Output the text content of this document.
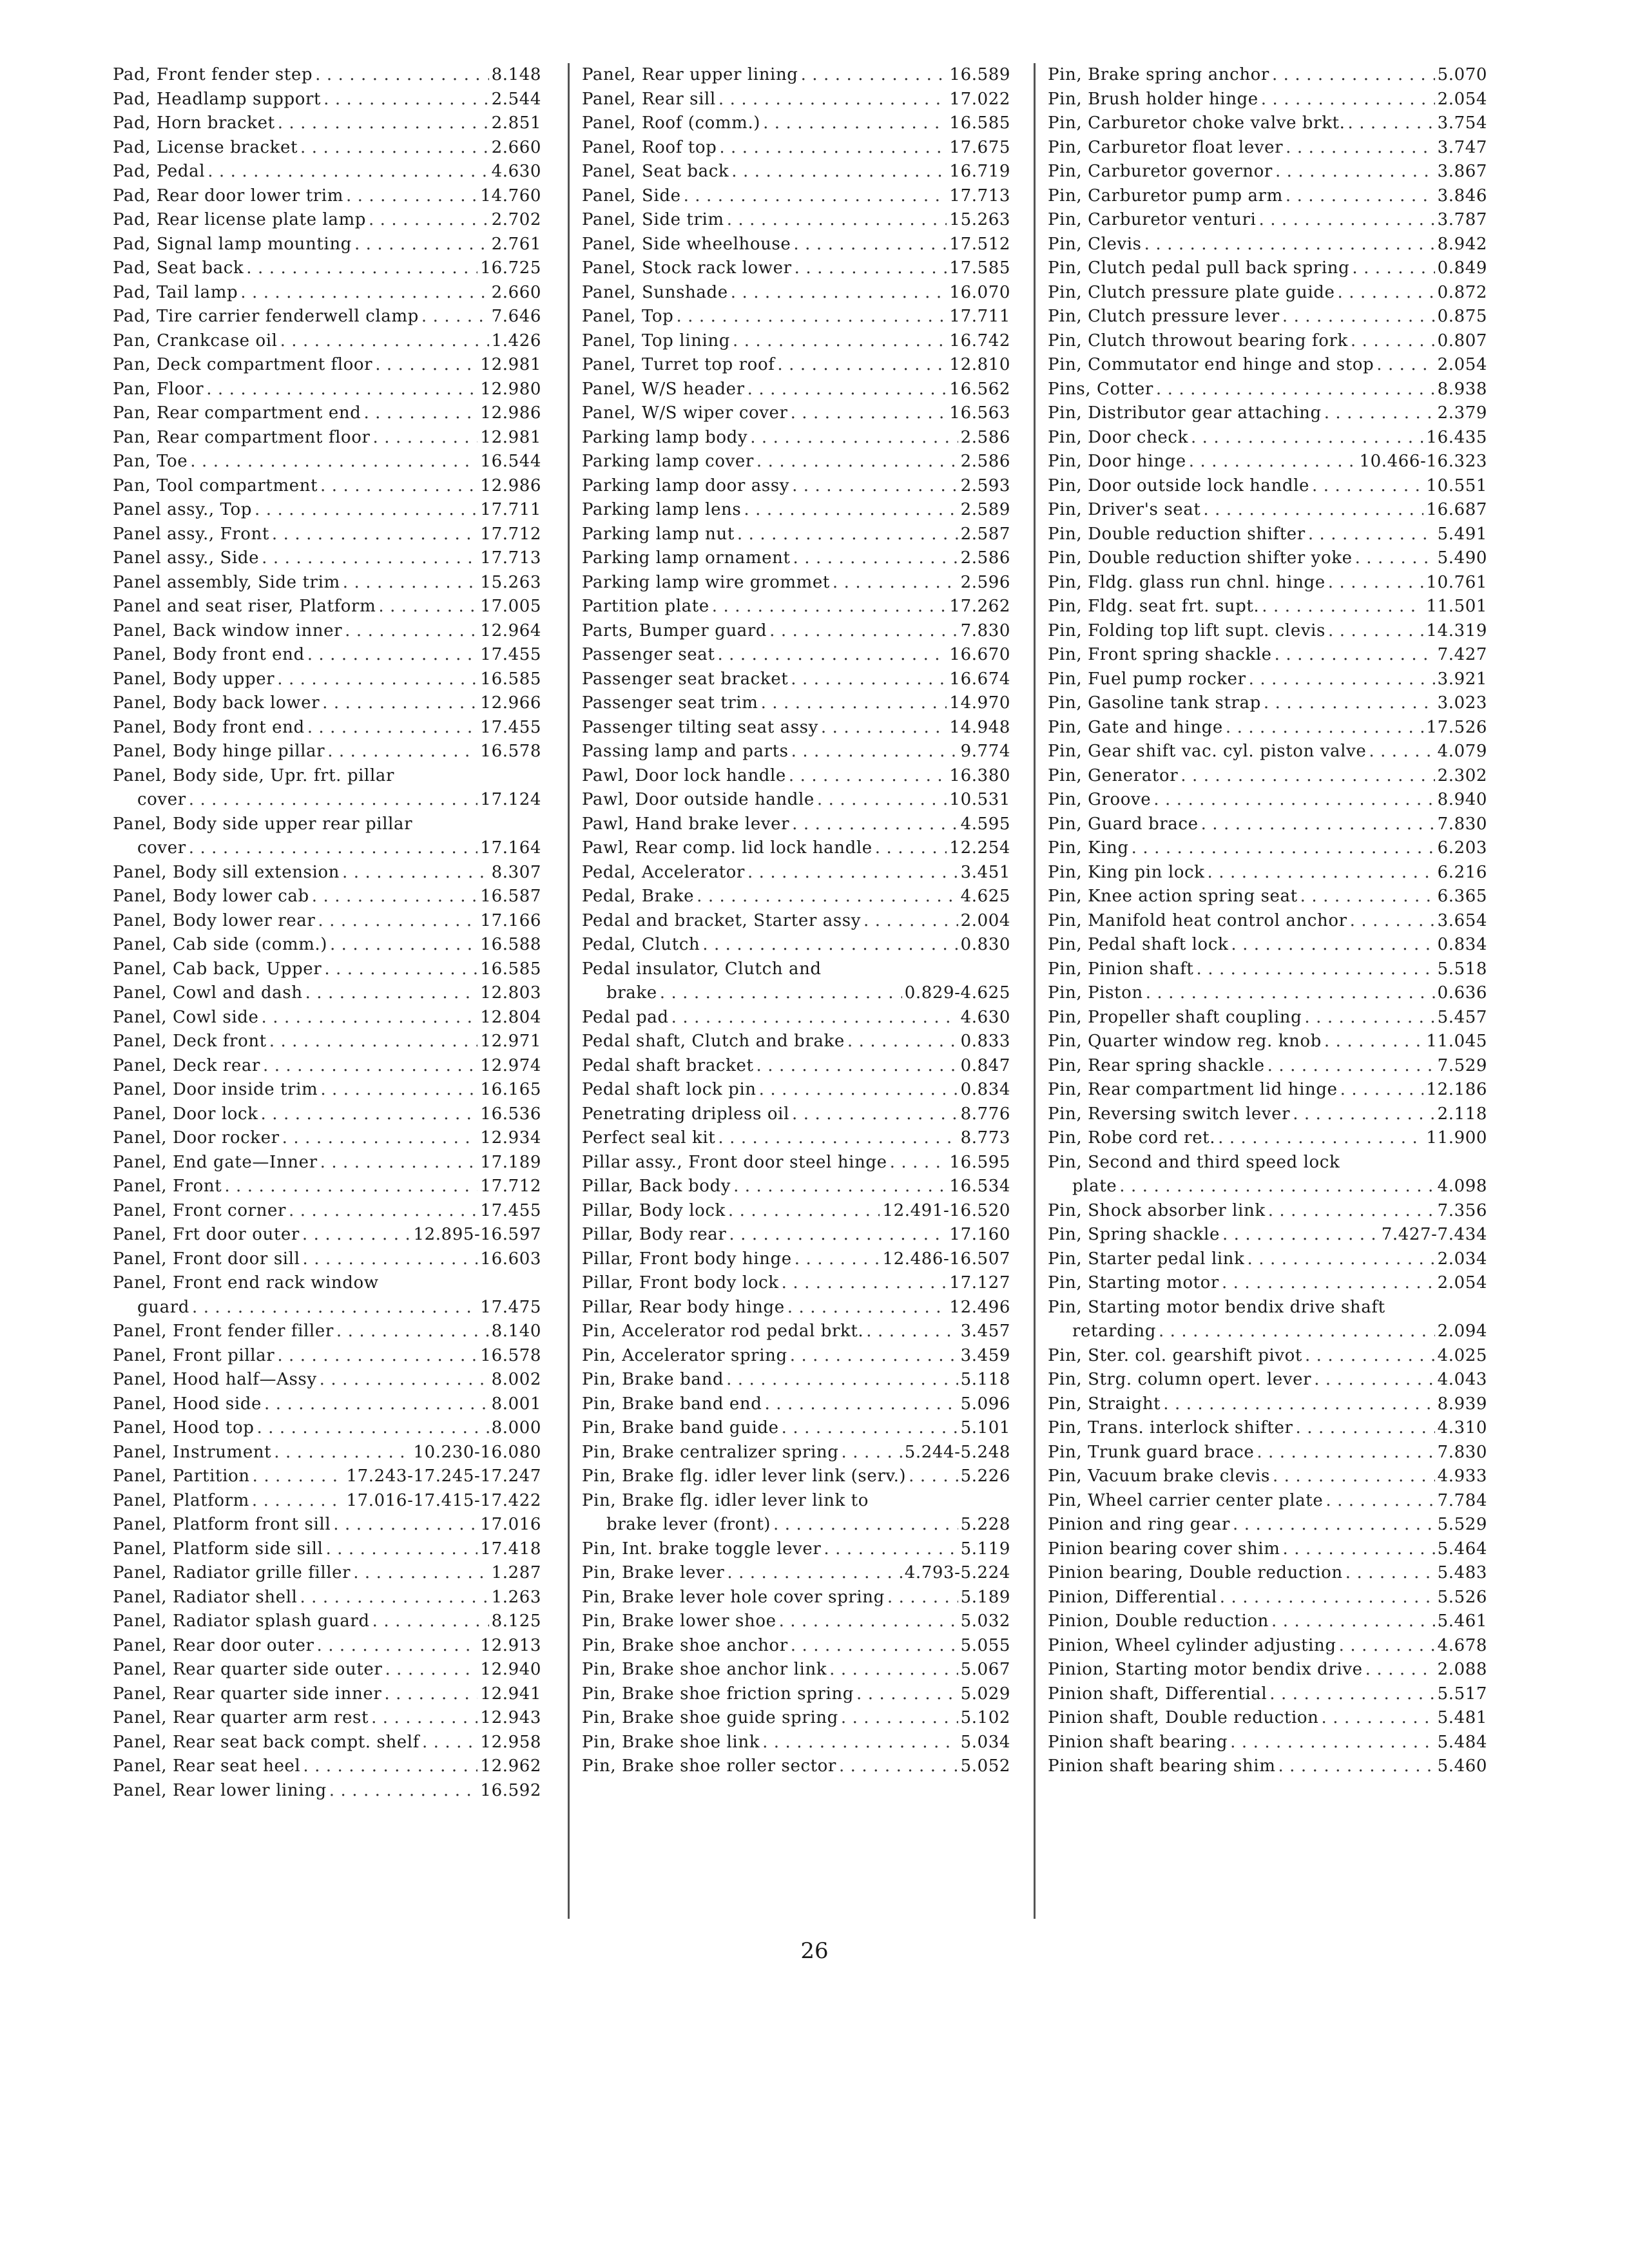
Pad, Front fender step . . .	8.148
Pad, Headlamp support . . .	2.544
Pad, Horn bracket . . .	2.851
Pad, License bracket . . .	2.660
Pad, Pedal . . .	4.630
Pad, Rear door lower trim . . .	14.760
Pad, Rear license plate lamp . . .	2.702
Pad, Signal lamp mounting . . .	2.761
Pad, Seat back . . .	16.725
Pad, Tail lamp . . .	2.660
Pad, Tire carrier fenderwell clamp . . .	7.646
Pan, Crankcase oil . . .	1.426
Pan, Deck compartment floor . . .	12.981
Pan, Floor . . .	12.980
Pan, Rear compartment end . . .	12.986
Pan, Rear compartment floor . . .	12.981
Pan, Toe . . .	16.544
Pan, Tool compartment . . .	12.986
Panel assy., Top . . .	17.711
Panel assy., Front . . .	17.712
Panel assy., Side . . .	17.713
Panel assembly, Side trim . . .	15.263
Panel and seat riser, Platform . . .	17.005
Panel, Back window inner . . .	12.964
Panel, Body front end . . .	17.455
Panel, Body upper . . .	16.585
Panel, Body back lower . . .	12.966
Panel, Body front end . . .	17.455
Panel, Body hinge pillar . . .	16.578
Panel, Body side, Upr. frt. pillar
cover . . .	17.124
Panel, Body side upper rear pillar
cover . . .	17.164
Panel, Body sill extension . . .	8.307
Panel, Body lower cab . . .	16.587
Panel, Body lower rear . . .	17.166
Panel, Cab side (comm.) . . .	16.588
Panel, Cab back, Upper . . .	16.585
Panel, Cowl and dash . . .	12.803
Panel, Cowl side . . .	12.804
Panel, Deck front . . .	12.971
Panel, Deck rear . . .	12.974
Panel, Door inside trim . . .	16.165
Panel, Door lock . . .	16.536
Panel, Door rocker . . .	12.934
Panel, End gate—Inner . . .	17.189
Panel, Front . . .	17.712
Panel, Front corner . . .	17.455
Panel, Frt door outer . . .	12.895-16.597
Panel, Front door sill . . .	16.603
Panel, Front end rack window
guard . . .	17.475
Panel, Front fender filler . . .	8.140
Panel, Front pillar . . .	16.578
Panel, Hood half—Assy . . .	8.002
Panel, Hood side . . .	8.001
Panel, Hood top . . .	8.000
Panel, Instrument . . .	10.230-16.080
Panel, Partition . . .	17.243-17.245-17.247
Panel, Platform . . .	17.016-17.415-17.422
Panel, Platform front sill . . .	17.016
Panel, Platform side sill . . .	17.418
Panel, Radiator grille filler . . .	1.287
Panel, Radiator shell . . .	1.263
Panel, Radiator splash guard . . .	8.125
Panel, Rear door outer . . .	12.913
Panel, Rear quarter side outer . . .	12.940
Panel, Rear quarter side inner . . .	12.941
Panel, Rear quarter arm rest . . .	12.943
Panel, Rear seat back compt. shelf . . .	12.958
Panel, Rear seat heel . . .	12.962
Panel, Rear lower lining . . .	16.592
Panel, Rear upper lining . . .	16.589
Panel, Rear sill . . .	17.022
Panel, Roof (comm.) . . .	16.585
Panel, Roof top . . .	17.675
Panel, Seat back . . .	16.719
Panel, Side . . .	17.713
Panel, Side trim . . .	15.263
Panel, Side wheelhouse . . .	17.512
Panel, Stock rack lower . . .	17.585
Panel, Sunshade . . .	16.070
Panel, Top . . .	17.711
Panel, Top lining . . .	16.742
Panel, Turret top roof . . .	12.810
Panel, W/S header . . .	16.562
Panel, W/S wiper cover . . .	16.563
Parking lamp body . . .	2.586
Parking lamp cover . . .	2.586
Parking lamp door assy . . .	2.593
Parking lamp lens . . .	2.589
Parking lamp nut . . .	2.587
Parking lamp ornament . . .	2.586
Parking lamp wire grommet . . .	2.596
Partition plate . . .	17.262
Parts, Bumper guard . . .	7.830
Passenger seat . . .	16.670
Passenger seat bracket . . .	16.674
Passenger seat trim . . .	14.970
Passenger tilting seat assy . . .	14.948
Passing lamp and parts . . .	9.774
Pawl, Door lock handle . . .	16.380
Pawl, Door outside handle . . .	10.531
Pawl, Hand brake lever . . .	4.595
Pawl, Rear comp. lid lock handle . . .	12.254
Pedal, Accelerator . . .	3.451
Pedal, Brake . . .	4.625
Pedal and bracket, Starter assy . . .	2.004
Pedal, Clutch . . .	0.830
Pedal insulator, Clutch and
brake . . .	0.829-4.625
Pedal pad . . .	4.630
Pedal shaft, Clutch and brake . . .	0.833
Pedal shaft bracket . . .	0.847
Pedal shaft lock pin . . .	0.834
Penetrating dripless oil . . .	8.776
Perfect seal kit . . .	8.773
Pillar assy., Front door steel hinge . . .	16.595
Pillar, Back body . . .	16.534
Pillar, Body lock . . .	12.491-16.520
Pillar, Body rear . . .	17.160
Pillar, Front body hinge . . .	12.486-16.507
Pillar, Front body lock . . .	17.127
Pillar, Rear body hinge . . .	12.496
Pin, Accelerator rod pedal brkt. . . .	3.457
Pin, Accelerator spring . . .	3.459
Pin, Brake band . . .	5.118
Pin, Brake band end . . .	5.096
Pin, Brake band guide . . .	5.101
Pin, Brake centralizer spring . . .	5.244-5.248
Pin, Brake flg. idler lever link (serv.) . . .	5.226
Pin, Brake flg. idler lever link to
brake lever (front) . . .	5.228
Pin, Int. brake toggle lever . . .	5.119
Pin, Brake lever . . .	4.793-5.224
Pin, Brake lever hole cover spring . . .	5.189
Pin, Brake lower shoe . . .	5.032
Pin, Brake shoe anchor . . .	5.055
Pin, Brake shoe anchor link . . .	5.067
Pin, Brake shoe friction spring . . .	5.029
Pin, Brake shoe guide spring . . .	5.102
Pin, Brake shoe link . . .	5.034
Pin, Brake shoe roller sector . . .	5.052
Pin, Brake spring anchor . . .	5.070
Pin, Brush holder hinge . . .	2.054
Pin, Carburetor choke valve brkt. . . .	3.754
Pin, Carburetor float lever . . .	3.747
Pin, Carburetor governor . . .	3.867
Pin, Carburetor pump arm . . .	3.846
Pin, Carburetor venturi . . .	3.787
Pin, Clevis . . .	8.942
Pin, Clutch pedal pull back spring . . .	0.849
Pin, Clutch pressure plate guide . . .	0.872
Pin, Clutch pressure lever . . .	0.875
Pin, Clutch throwout bearing fork . . .	0.807
Pin, Commutator end hinge and stop . . .	2.054
Pins, Cotter . . .	8.938
Pin, Distributor gear attaching . . .	2.379
Pin, Door check . . .	16.435
Pin, Door hinge . . .	10.466-16.323
Pin, Door outside lock handle . . .	10.551
Pin, Driver's seat . . .	16.687
Pin, Double reduction shifter . . .	5.491
Pin, Double reduction shifter yoke . . .	5.490
Pin, Fldg. glass run chnl. hinge . . .	10.761
Pin, Fldg. seat frt. supt. . . .	11.501
Pin, Folding top lift supt. clevis . . .	14.319
Pin, Front spring shackle . . .	7.427
Pin, Fuel pump rocker . . .	3.921
Pin, Gasoline tank strap . . .	3.023
Pin, Gate and hinge . . .	17.526
Pin, Gear shift vac. cyl. piston valve . . .	4.079
Pin, Generator . . .	2.302
Pin, Groove . . .	8.940
Pin, Guard brace . . .	7.830
Pin, King . . .	6.203
Pin, King pin lock . . .	6.216
Pin, Knee action spring seat . . .	6.365
Pin, Manifold heat control anchor . . .	3.654
Pin, Pedal shaft lock . . .	0.834
Pin, Pinion shaft . . .	5.518
Pin, Piston . . .	0.636
Pin, Propeller shaft coupling . . .	5.457
Pin, Quarter window reg. knob . . .	11.045
Pin, Rear spring shackle . . .	7.529
Pin, Rear compartment lid hinge . . .	12.186
Pin, Reversing switch lever . . .	2.118
Pin, Robe cord ret. . . .	11.900
Pin, Second and third speed lock
plate . . .	4.098
Pin, Shock absorber link . . .	7.356
Pin, Spring shackle . . .	7.427-7.434
Pin, Starter pedal link . . .	2.034
Pin, Starting motor . . .	2.054
Pin, Starting motor bendix drive shaft
retarding . . .	2.094
Pin, Ster. col. gearshift pivot . . .	4.025
Pin, Strg. column opert. lever . . .	4.043
Pin, Straight . . .	8.939
Pin, Trans. interlock shifter . . .	4.310
Pin, Trunk guard brace . . .	7.830
Pin, Vacuum brake clevis . . .	4.933
Pin, Wheel carrier center plate . . .	7.784
Pinion and ring gear . . .	5.529
Pinion bearing cover shim . . .	5.464
Pinion bearing, Double reduction . . .	5.483
Pinion, Differential . . .	5.526
Pinion, Double reduction . . .	5.461
Pinion, Wheel cylinder adjusting . . .	4.678
Pinion, Starting motor bendix drive . . .	2.088
Pinion shaft, Differential . . .	5.517
Pinion shaft, Double reduction . . .	5.481
Pinion shaft bearing . . .	5.484
Pinion shaft bearing shim . . .	5.460
26
